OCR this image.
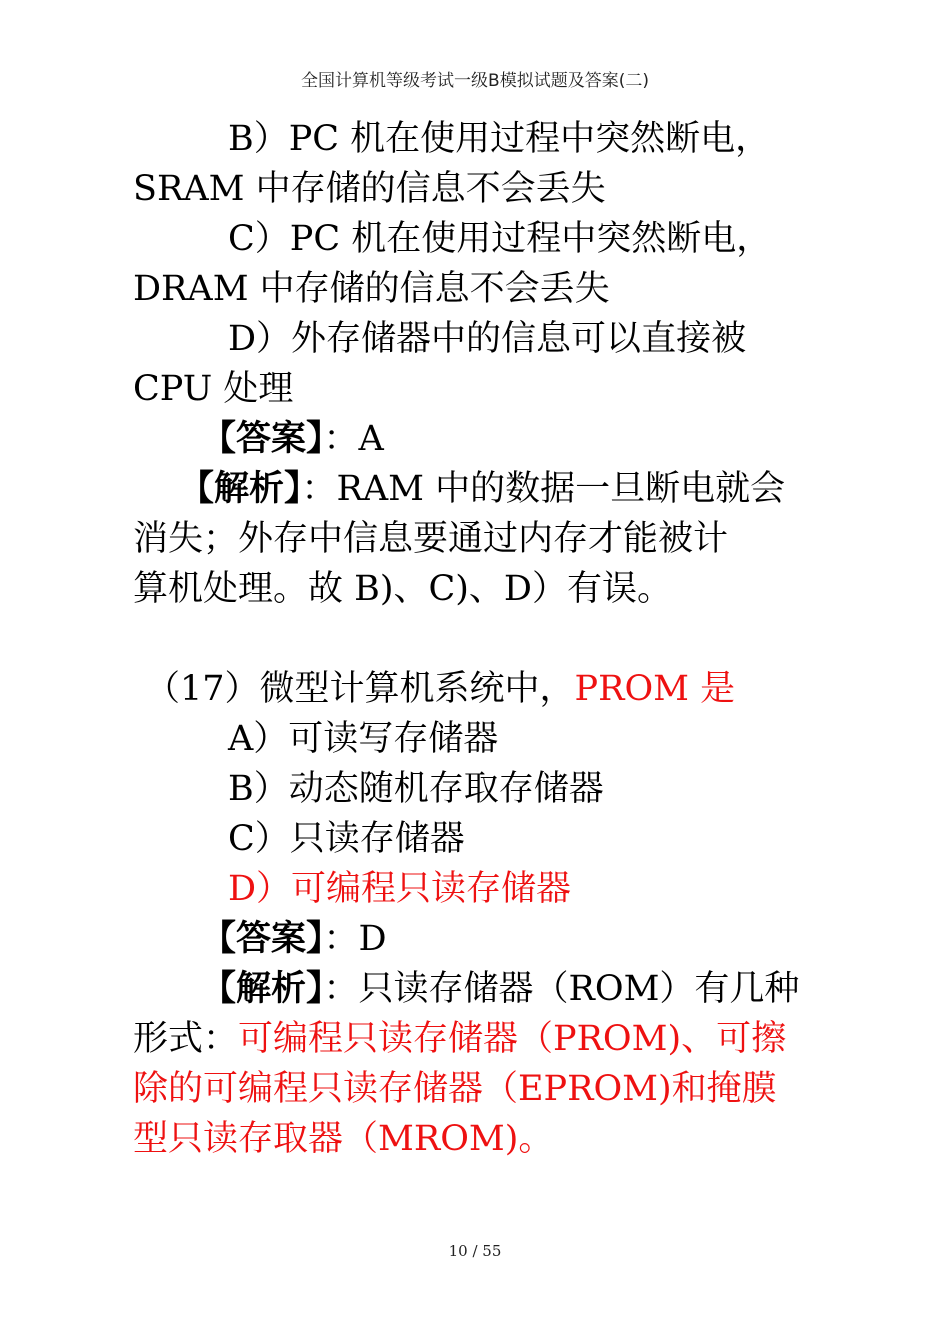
全国计算机等级考试一级B模拟试题及答案(二)
B）PC 机在使用过程中突然断电，
SRAM 中存储的信息不会丢失
C）PC 机在使用过程中突然断电，
DRAM 中存储的信息不会丢失
D）外存储器中的信息可以直接被
CPU 处理
【答案】：A
【解析】：RAM 中的数据一旦断电就会
消失；外存中信息要通过内存才能被计
算机处理。故 B)、C)、D）有误。
（17）微型计算机系统中，PROM 是
A）可读写存储器
B）动态随机存取存储器
C）只读存储器
D）可编程只读存储器
【答案】：D
【解析】：只读存储器（ROM）有几种
形式：可编程只读存储器（PROM)、可擦
除的可编程只读存储器（EPROM)和掩膜
型只读存取器（MROM)。
10 / 55
